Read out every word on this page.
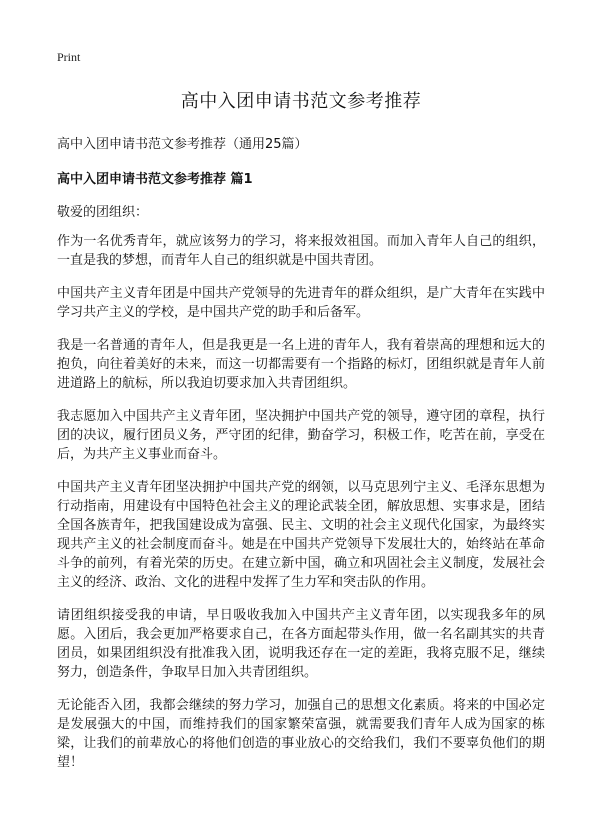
Print
高中入团申请书范文参考推荐

高中入团申请书范文参考推荐（通用25篇）

高中入团申请书范文参考推荐 篇1

敬爱的团组织：

作为一名优秀青年，就应该努力的学习，将来报效祖国。而加入青年人自己的组织，一直是我的梦想，而青年人自己的组织就是中国共青团。

中国共产主义青年团是中国共产党领导的先进青年的群众组织，是广大青年在实践中学习共产主义的学校，是中国共产党的助手和后备军。

我是一名普通的青年人，但是我更是一名上进的青年人，我有着崇高的理想和远大的抱负，向往着美好的未来，而这一切都需要有一个指路的标灯，团组织就是青年人前进道路上的航标，所以我迫切要求加入共青团组织。

我志愿加入中国共产主义青年团，坚决拥护中国共产党的领导，遵守团的章程，执行团的决议，履行团员义务，严守团的纪律，勤奋学习，积极工作，吃苦在前，享受在后，为共产主义事业而奋斗。

中国共产主义青年团坚决拥护中国共产党的纲领，以马克思列宁主义、毛泽东思想为行动指南，用建设有中国特色社会主义的理论武装全团，解放思想、实事求是，团结全国各族青年，把我国建设成为富强、民主、文明的社会主义现代化国家，为最终实现共产主义的社会制度而奋斗。她是在中国共产党领导下发展壮大的，始终站在革命斗争的前列，有着光荣的历史。在建立新中国，确立和巩固社会主义制度，发展社会主义的经济、政治、文化的进程中发挥了生力军和突击队的作用。

请团组织接受我的申请，早日吸收我加入中国共产主义青年团，以实现我多年的夙愿。入团后，我会更加严格要求自己，在各方面起带头作用，做一名名副其实的共青团员，如果团组织没有批准我入团，说明我还存在一定的差距，我将克服不足，继续努力，创造条件，争取早日加入共青团组织。

无论能否入团，我都会继续的努力学习，加强自己的思想文化素质。将来的中国必定是发展强大的中国，而维持我们的国家繁荣富强，就需要我们青年人成为国家的栋梁，让我们的前辈放心的将他们创造的事业放心的交给我们，我们不要辜负他们的期望！
